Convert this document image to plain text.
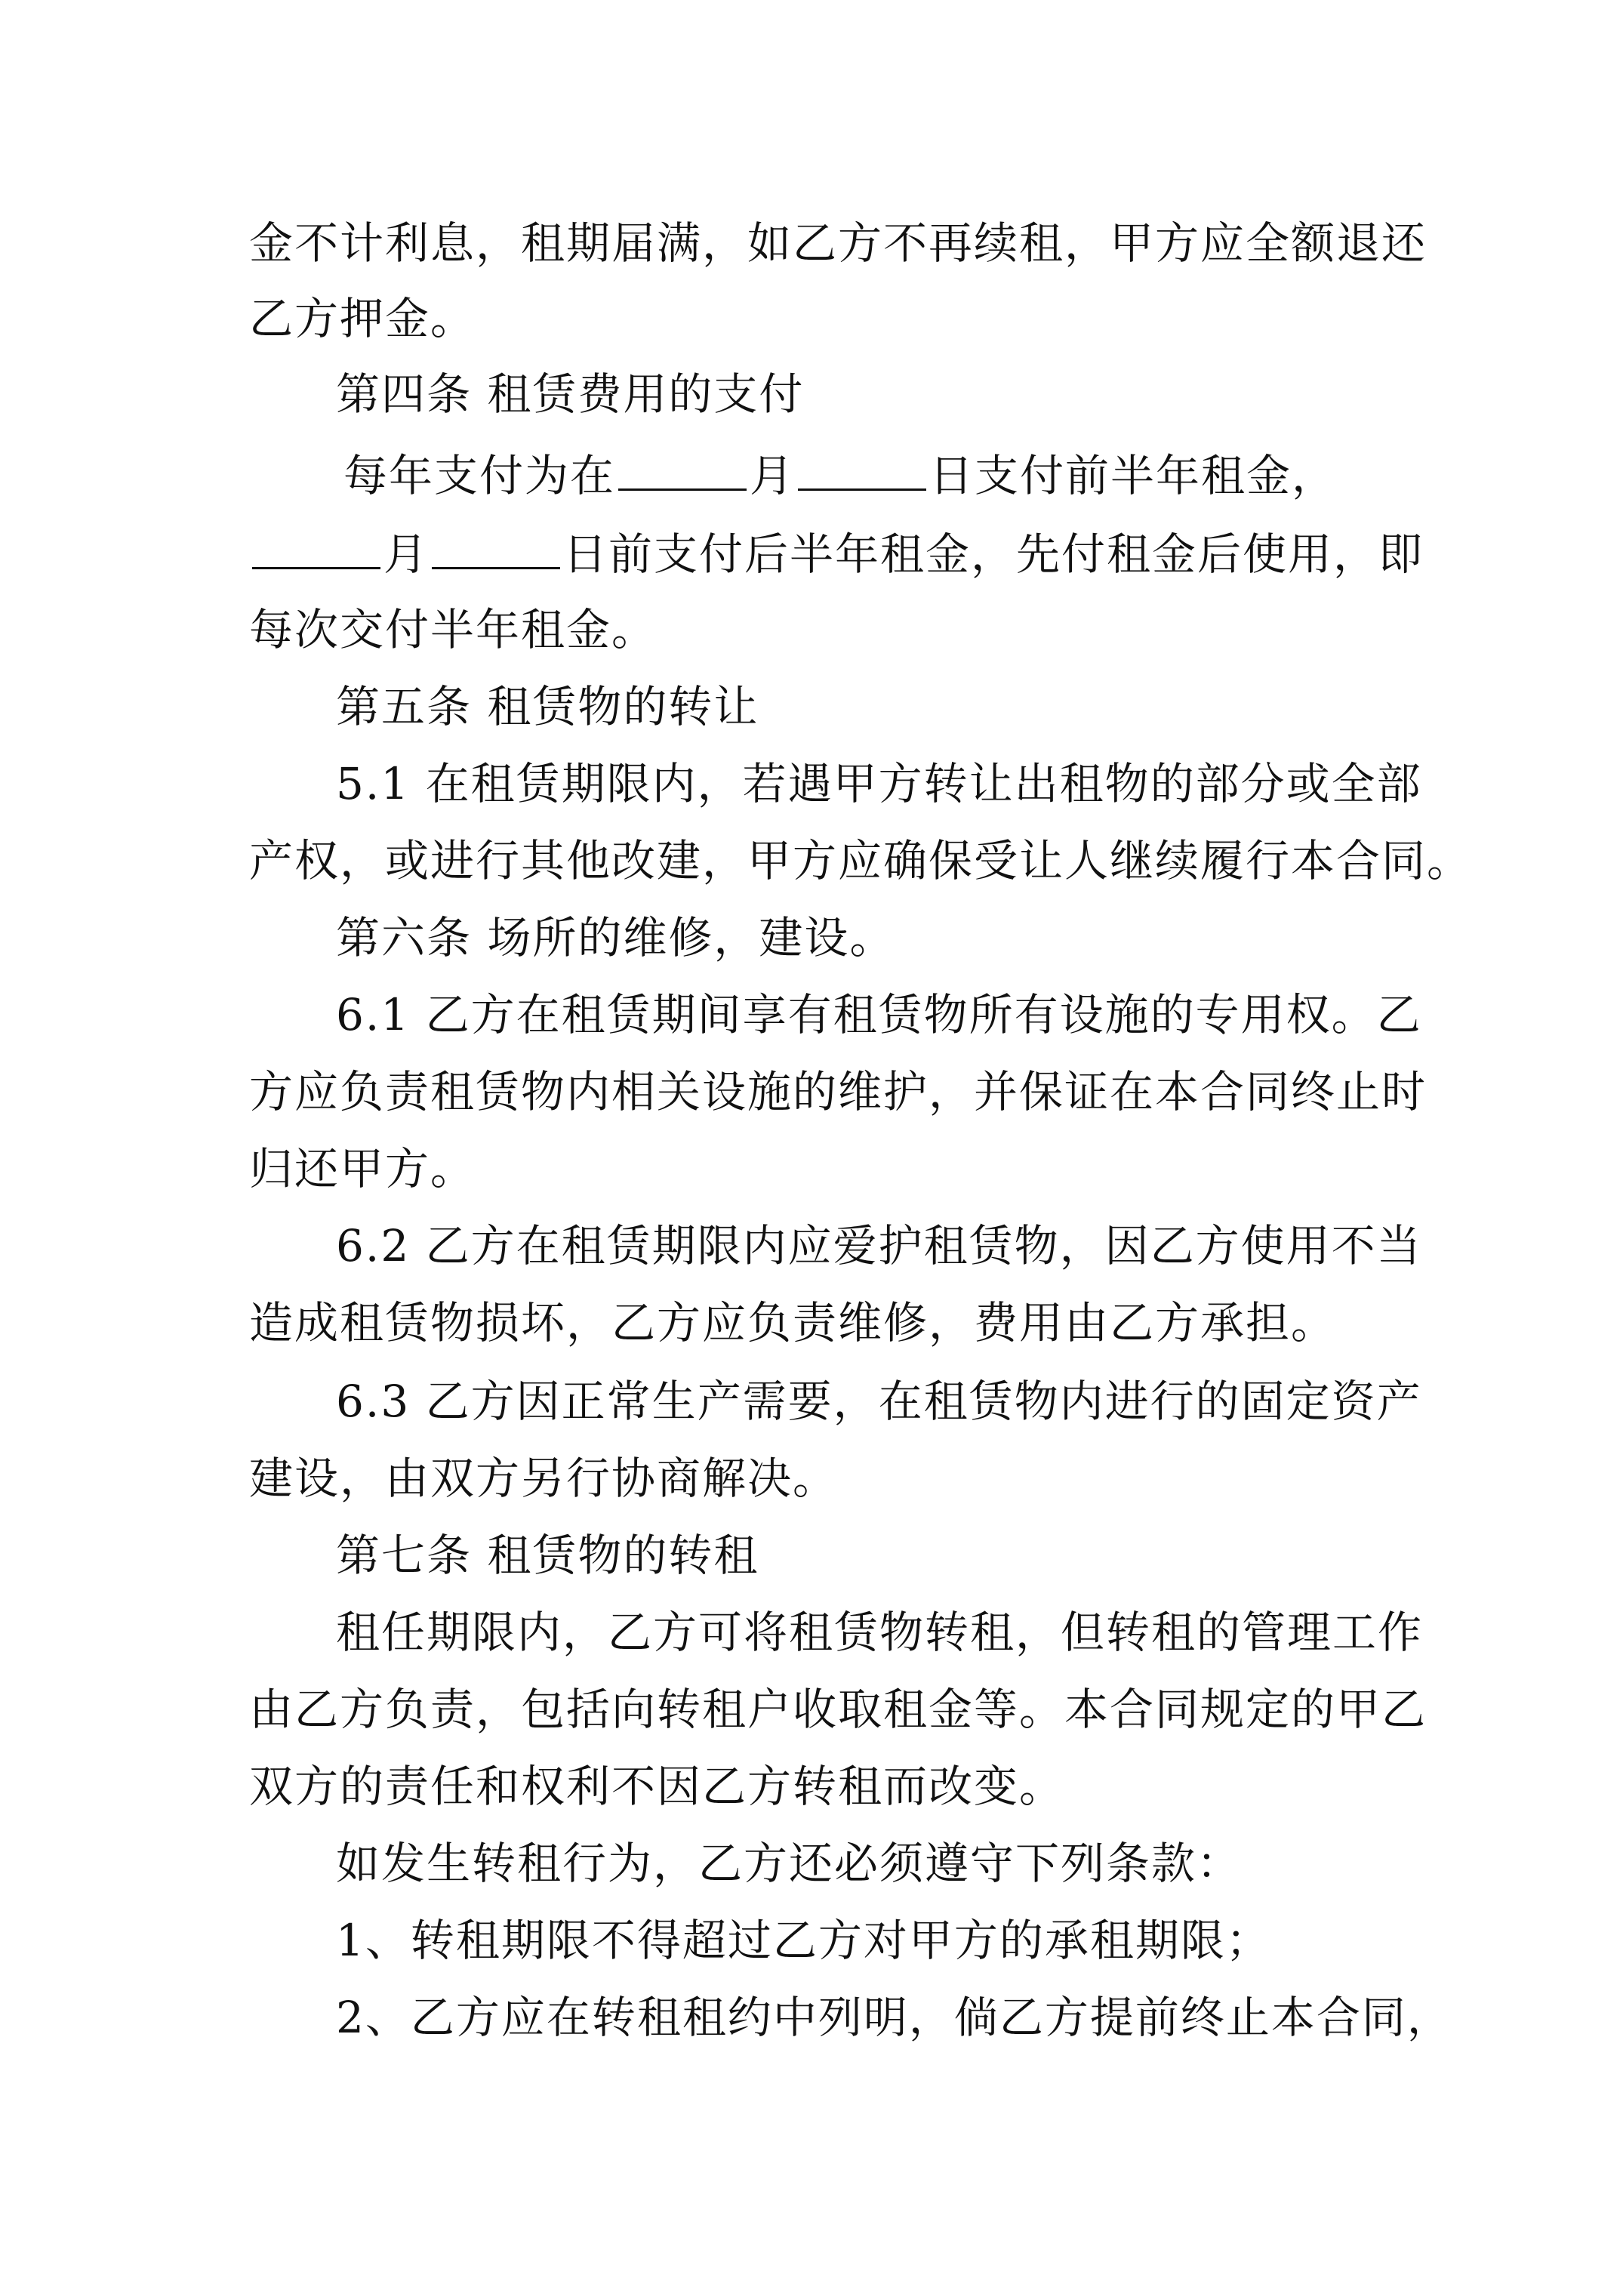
金不计利息，租期届满，如乙方不再续租，甲方应全额退还
乙方押金。
第四条 租赁费用的支付
每年支付为在	月	日支付前半年租金，
月	日前支付后半年租金，先付租金后使用，即
每次交付半年租金。
第五条 租赁物的转让
5.1 在租赁期限内，若遇甲方转让出租物的部分或全部
产权，或进行其他改建，甲方应确保受让人继续履行本合同。
第六条 场所的维修，建设。
6.1 乙方在租赁期间享有租赁物所有设施的专用权。乙
方应负责租赁物内相关设施的维护，并保证在本合同终止时
归还甲方。
6.2 乙方在租赁期限内应爱护租赁物，因乙方使用不当
造成租赁物损坏，乙方应负责维修，费用由乙方承担。
6.3 乙方因正常生产需要，在租赁物内进行的固定资产
建设，由双方另行协商解决。
第七条 租赁物的转租
租任期限内，乙方可将租赁物转租，但转租的管理工作
由乙方负责，包括向转租户收取租金等。本合同规定的甲乙
双方的责任和权利不因乙方转租而改变。
如发生转租行为，乙方还必须遵守下列条款：
1、转租期限不得超过乙方对甲方的承租期限；
2、乙方应在转租租约中列明，倘乙方提前终止本合同，
